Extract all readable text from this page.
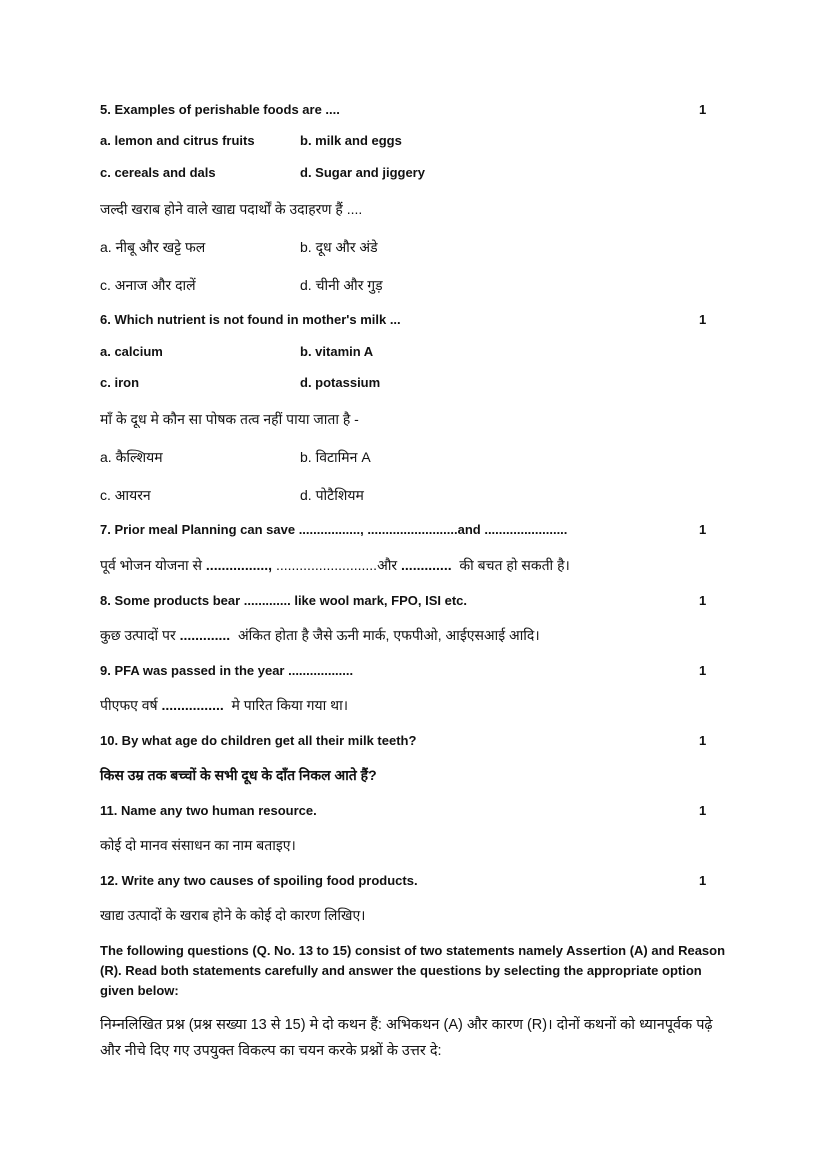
5. Examples of perishable foods are ....	1
a. lemon and citrus fruits	b. milk and eggs
c. cereals and dals	d. Sugar and jiggery
जल्दी खराब होने वाले खाद्य पदार्थों के उदाहरण हैं ....
a. नीबू और खट्टे फल	b. दूध और अंडे
c. अनाज और दालें	d. चीनी और गुड़
6. Which nutrient is not found in mother's milk ...	1
a. calcium	b. vitamin A
c. iron	d. potassium
माँ के दूध मे कौन सा पोषक तत्व नहीं पाया जाता है -
a. कैल्शियम	b. विटामिन A
c. आयरन	d. पोटैशियम
7. Prior meal Planning can save ................., .........................and .......................	1
पूर्व भोजन योजना से ................, ..........................और ............. की बचत हो सकती है।
8. Some products bear ............. like wool mark, FPO, ISI etc.	1
कुछ उत्पादों पर ............. अंकित होता है जैसे ऊनी मार्क, एफपीओ, आईएसआई आदि।
9. PFA was passed in the year ..................	1
पीएफए वर्ष ................ मे पारित किया गया था।
10. By what age do children get all their milk teeth?	1
किस उम्र तक बच्चों के सभी दूध के दाँत निकल आते हैं?
11. Name any two human resource.	1
कोई दो मानव संसाधन का नाम बताइए।
12. Write any two causes of spoiling food products.	1
खाद्य उत्पादों के खराब होने के कोई दो कारण लिखिए।
The following questions (Q. No. 13 to 15) consist of two statements namely Assertion (A) and Reason (R). Read both statements carefully and answer the questions by selecting the appropriate option given below:
निम्नलिखित प्रश्न (प्रश्न सख्या 13 से 15) मे दो कथन हैं: अभिकथन (A) और कारण (R)। दोनों कथनों को ध्यानपूर्वक पढ़े और नीचे दिए गए उपयुक्त विकल्प का चयन करके प्रश्नों के उत्तर दे:
